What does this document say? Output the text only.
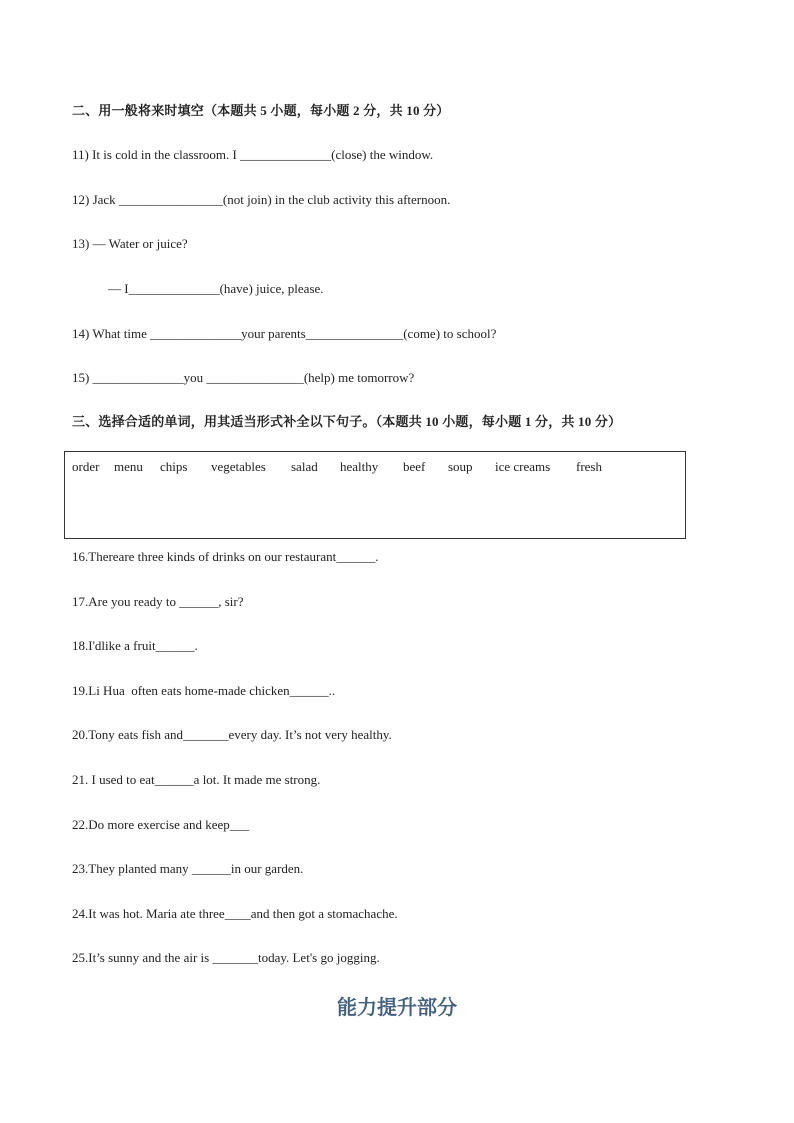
二、用一般将来时填空（本题共 5 小题，每小题 2 分，共 10 分）
11) It is cold in the classroom. I ______________(close) the window.
12) Jack ________________(not join) in the club activity this afternoon.
13) — Water or juice?
— I______________(have) juice, please.
14) What time ______________your parents_______________(come) to school?
15) ______________you _______________(help) me tomorrow?
三、选择合适的单词，用其适当形式补全以下句子。（本题共 10 小题，每小题 1 分，共 10 分）
order menu chips vegetables salad healthy beef soup ice creams fresh
16.Thereare three kinds of drinks on our restaurant______.
17.Are you ready to ______, sir?
18.I'dlike a fruit______.
19.Li Hua  often eats home-made chicken______..
20.Tony eats fish and_______every day. It’s not very healthy.
21. I used to eat______a lot. It made me strong.
22.Do more exercise and keep___
23.They planted many ______in our garden.
24.It was hot. Maria ate three____and then got a stomachache.
25.It’s sunny and the air is _______today. Let's go jogging.
能力提升部分
